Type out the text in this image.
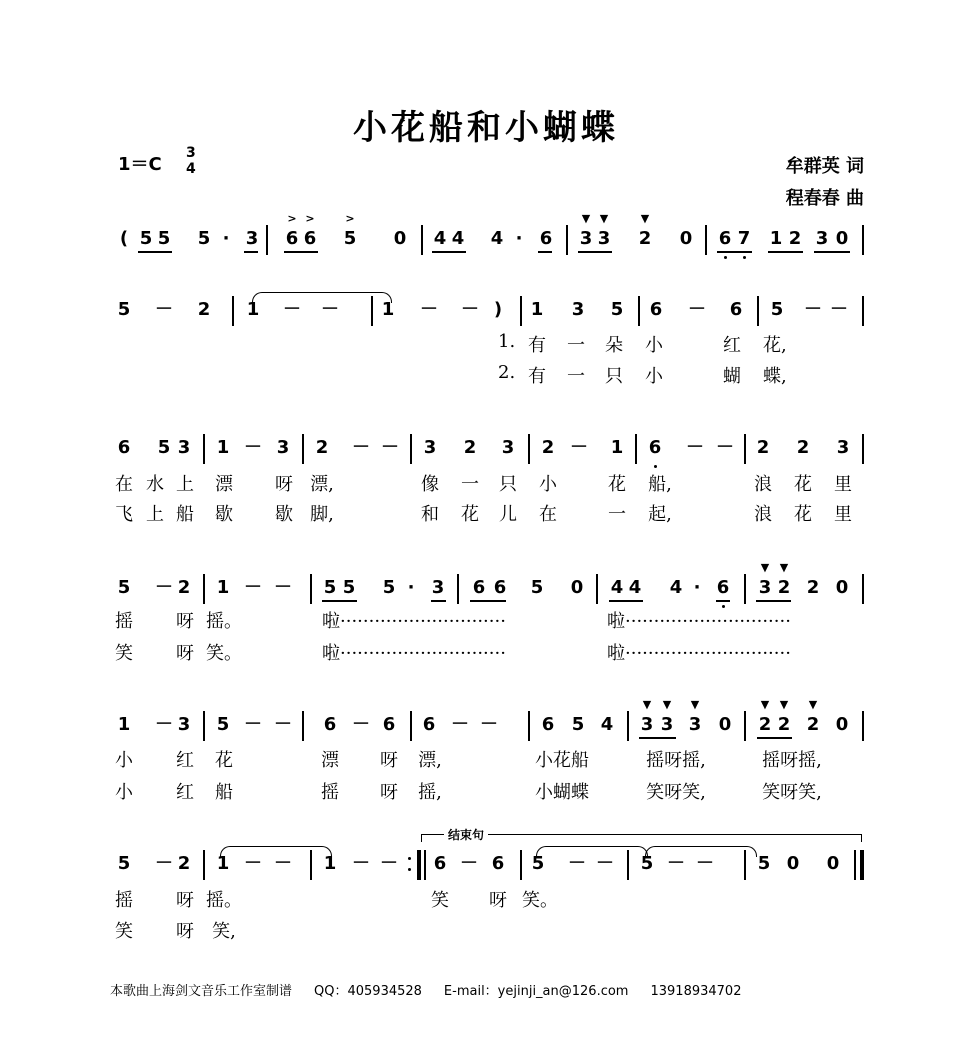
小花船和小蝴蝶
1＝C
3
4	牟群英 词
程春春 曲
( 5 5 5 · 3 6 6 5 0 4 4 4 · 6 3 3 2 0 6 7 1 2 3 0
> >	>	▼ ▼	▼
5 － 2 1 － － 1 － － ) 1 3 5 6 － 6 5 － －
6 5 3 1 － 3 2 － － 3 2 3 2 － 1 6 － － 2 2 3
5 － 2 1 － － 5 5 5 · 3 6 6 5 0 4 4 4 · 6 3 2 2 0
▼ ▼
1 － 3 5 － － 6 － 6 6 － － 6 5 4 3 3 3 0 2 2 2 0
▼ ▼ ▼	▼ ▼ ▼
结束句
5 － 2 1 － － 1 － － 6 － 6 5 － － 5 － － 5 0 0
1. 有 一 朵 小	红 花,
2. 有 一 只 小	蝴 蝶,
在 水 上 漂 呀 漂,	像 一 只 小	花 船,	浪 花 里
飞 上 船 歇 歇 脚,	和 花 儿 在	一 起,	浪 花 里
摇 呀 摇。
笑 呀 笑。
啦·····························	啦·····························
啦·····························	啦·····························
小 红 花	漂 呀 漂,	小花船	摇呀摇,	摇呀摇,
小 红 船	摇 呀 摇,	小蝴蝶	笑呀笑,	笑呀笑,
摇 呀 摇。	笑 呀 笑。
笑 呀 笑,
本歌曲上海剑文音乐工作室制谱 QQ：405934528 E-mail：yejinji_an@126.com 13918934702
